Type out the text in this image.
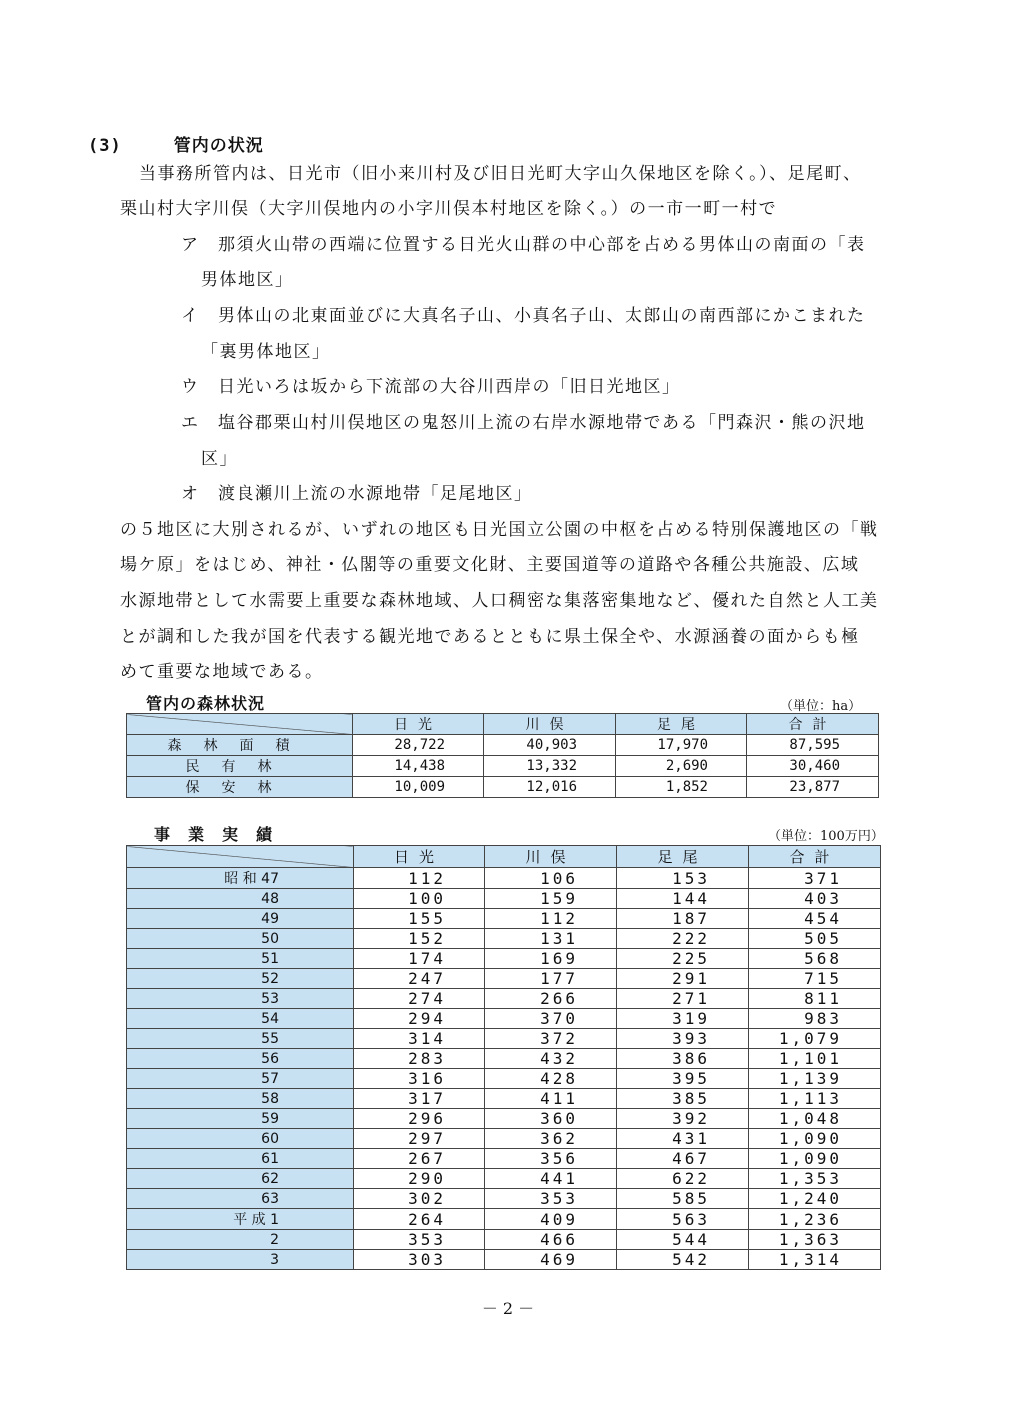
(3)	管内の状況
当事務所管内は、日光市（旧小来川村及び旧日光町大字山久保地区を除く。）、足尾町、
栗山村大字川俣（大字川俣地内の小字川俣本村地区を除く。）の一市一町一村で
ア　那須火山帯の西端に位置する日光火山群の中心部を占める男体山の南面の「表
男体地区」
イ　男体山の北東面並びに大真名子山、小真名子山、太郎山の南西部にかこまれた
「裏男体地区」
ウ　日光いろは坂から下流部の大谷川西岸の「旧日光地区」
エ　塩谷郡栗山村川俣地区の鬼怒川上流の右岸水源地帯である「門森沢・熊の沢地
区」
オ　渡良瀬川上流の水源地帯「足尾地区」
の５地区に大別されるが、いずれの地区も日光国立公園の中枢を占める特別保護地区の「戦
場ケ原」をはじめ、神社・仏閣等の重要文化財、主要国道等の道路や各種公共施設、広域
水源地帯として水需要上重要な森林地域、人口稠密な集落密集地など、優れた自然と人工美
とが調和した我が国を代表する観光地であるとともに県土保全や、水源涵養の面からも極
めて重要な地域である。
管内の森林状況	（単位：ha）
	日光	川俣	足尾	合計
森林面積	28,722	40,903	17,970	87,595
民有林	14,438	13,332	2,690	30,460
保安林	10,009	12,016	1,852	23,877
事　業　実　績	（単位：100万円）
	日光	川俣	足尾	合計
昭 和 47	112	106	153	371
48	100	159	144	403
49	155	112	187	454
50	152	131	222	505
51	174	169	225	568
52	247	177	291	715
53	274	266	271	811
54	294	370	319	983
55	314	372	393	1,079
56	283	432	386	1,101
57	316	428	395	1,139
58	317	411	385	1,113
59	296	360	392	1,048
60	297	362	431	1,090
61	267	356	467	1,090
62	290	441	622	1,353
63	302	353	585	1,240
平 成 1	264	409	563	1,236
2	353	466	544	1,363
3	303	469	542	1,314
－ 2 －
